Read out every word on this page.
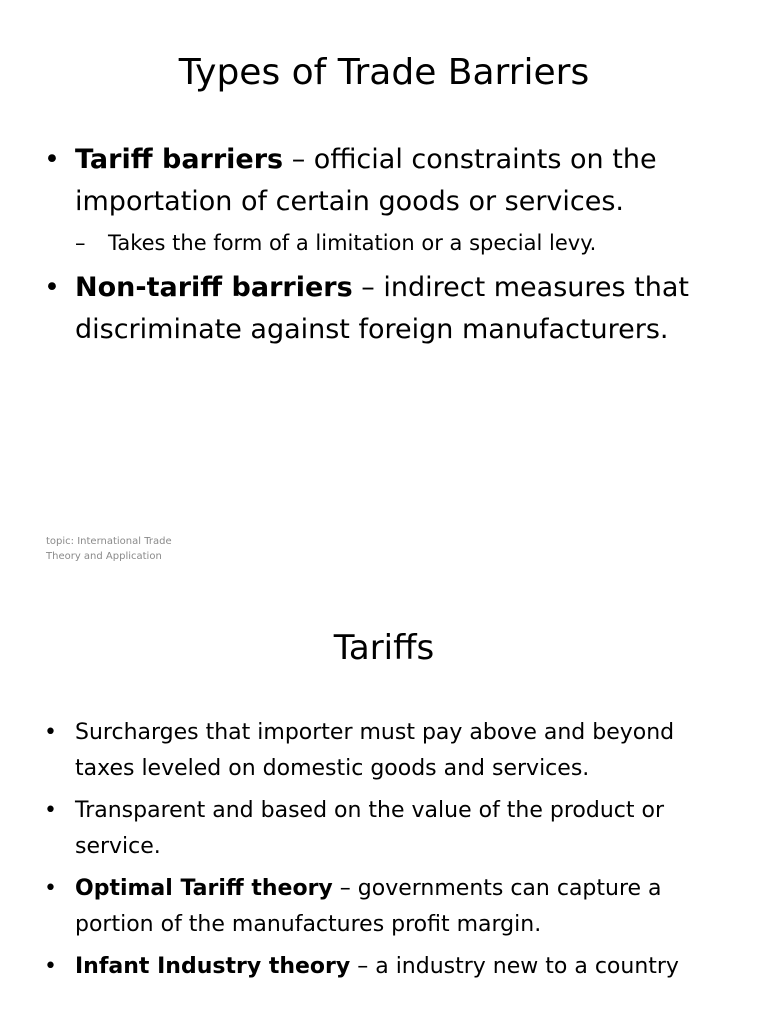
Types of Trade Barriers
• Tariff barriers – official constraints on the importation of certain goods or services.
– Takes the form of a limitation or a special levy.
• Non-tariff barriers – indirect measures that discriminate against foreign manufacturers.
topic: International Trade
Theory and Application
Tariffs
• Surcharges that importer must pay above and beyond taxes leveled on domestic goods and services.
• Transparent and based on the value of the product or service.
• Optimal Tariff theory – governments can capture a portion of the manufactures profit margin.
• Infant Industry theory – a industry new to a country
